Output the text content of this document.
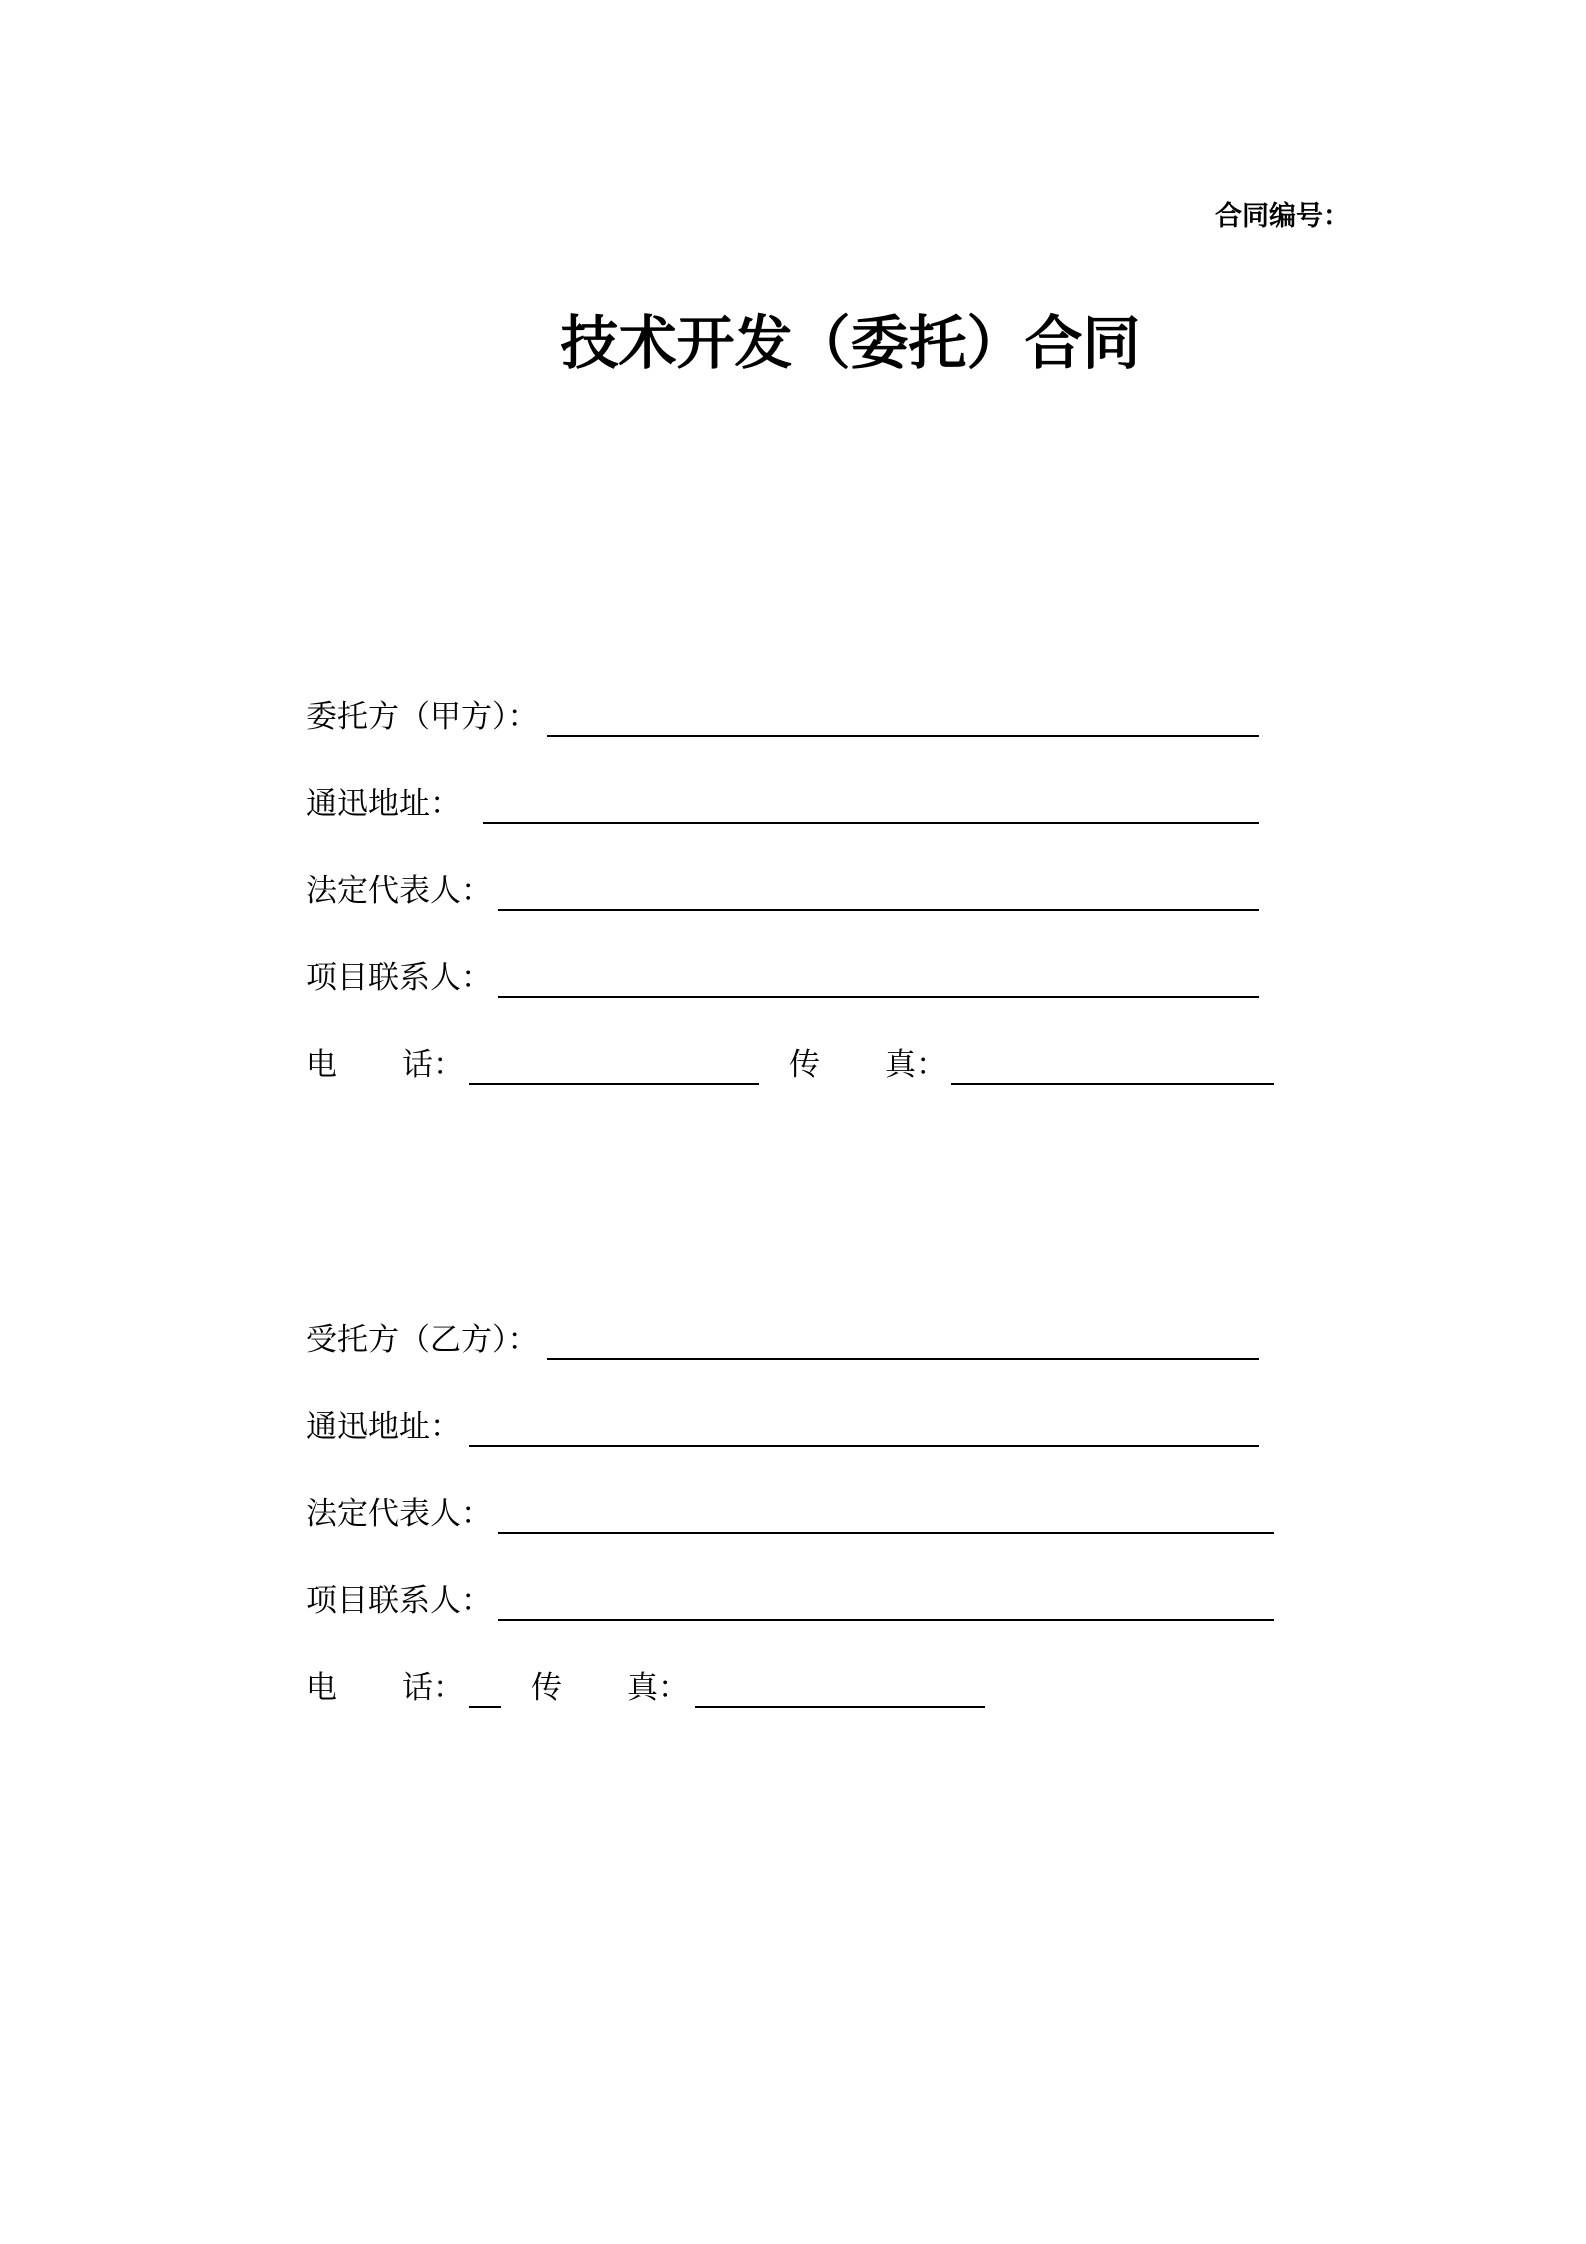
合同编号：
技术开发（委托）合同
委托方（甲方）：
通迅地址：
法定代表人：
项目联系人：
电 话：	传 真：
受托方（乙方）：
通迅地址：
法定代表人：
项目联系人：
电 话： 传 真：
